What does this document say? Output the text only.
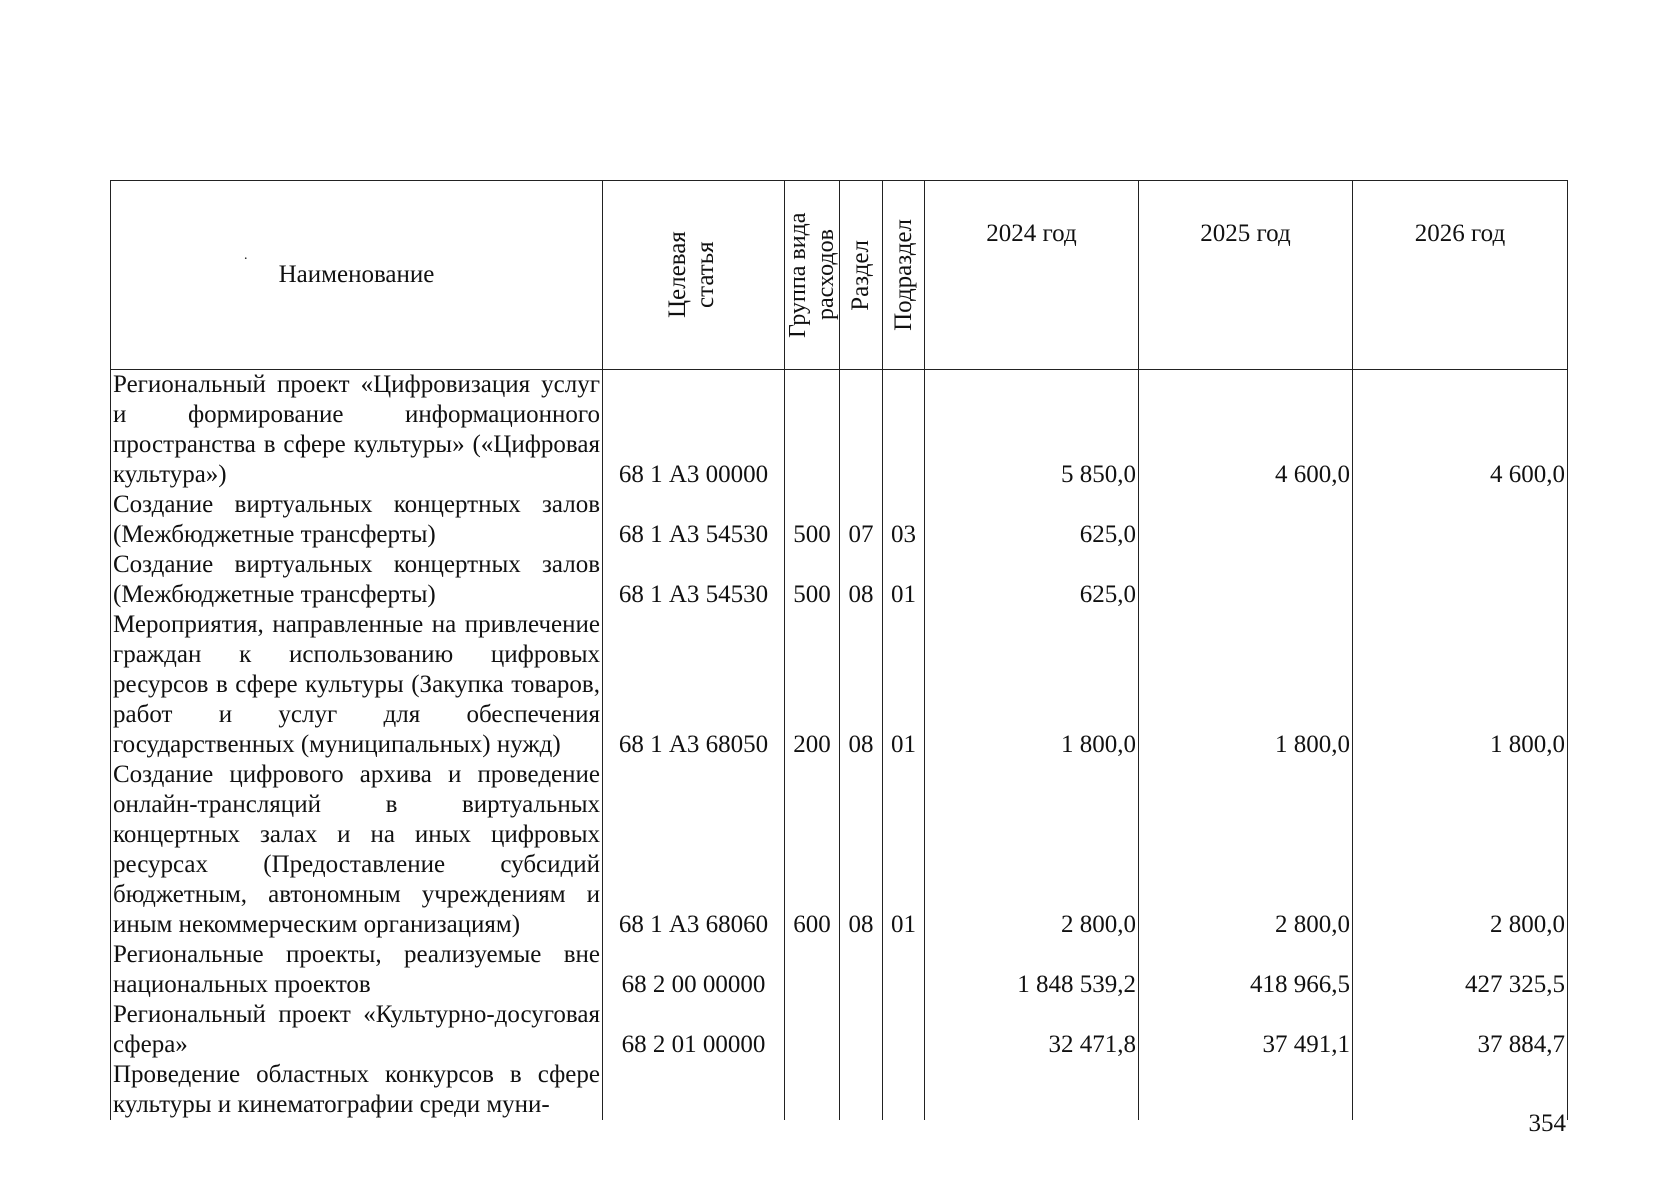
.
Наименование	Целевая статья	Группа вида расходов	Раздел	Подраздел	2024 год	2025 год	2026 год
Региональный проект «Цифровизация услуг и формирование информационного пространства в сфере культуры» («Цифровая культура»)	68 1 А3 00000				5 850,0	4 600,0	4 600,0
Создание виртуальных концертных залов (Межбюджетные трансферты)	68 1 А3 54530	500	07	03	625,0		
Создание виртуальных концертных залов (Межбюджетные трансферты)	68 1 А3 54530	500	08	01	625,0		
Мероприятия, направленные на привлечение граждан к использованию цифровых ресурсов в сфере культуры (Закупка товаров, работ и услуг для обеспечения государственных (муниципальных) нужд)	68 1 А3 68050	200	08	01	1 800,0	1 800,0	1 800,0
Создание цифрового архива и проведение онлайн-трансляций в виртуальных концертных залах и на иных цифровых ресурсах (Предоставление субсидий бюджетным, автономным учреждениям и иным некоммерческим организациям)	68 1 А3 68060	600	08	01	2 800,0	2 800,0	2 800,0
Региональные проекты, реализуемые вне национальных проектов	68 2 00 00000				1 848 539,2	418 966,5	427 325,5
Региональный проект «Культурно-досуговая сфера»	68 2 01 00000				32 471,8	37 491,1	37 884,7
Проведение областных конкурсов в сфере культуры и кинематографии среди муни-							
354
